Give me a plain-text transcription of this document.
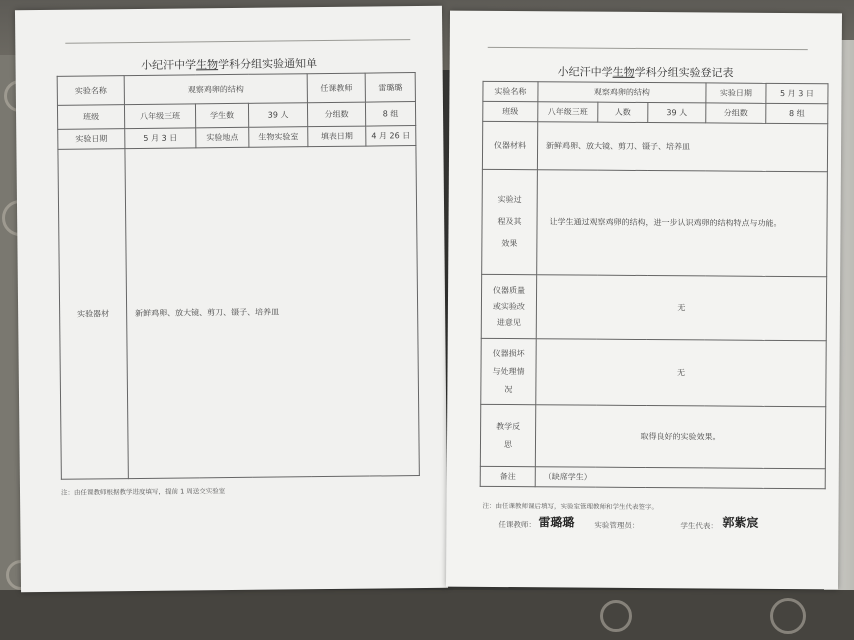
小纪汗中学生物学科分组实验通知单
实验名称	观察鸡卵的结构			任课教师	雷璐璐
班级	八年级三班	学生数	39 人	分组数	8 组
实验日期	5 月 3 日	实验地点	生物实验室	填表日期	4 月 26 日
实验器材	新鲜鸡卵、放大镜、剪刀、镊子、培养皿				
注：由任课教师根据教学进度填写，提前 1 周送交实验室
小纪汗中学生物学科分组实验登记表
实验名称	观察鸡卵的结构			实验日期	5 月 3 日
班级	八年级三班	人数	39 人	分组数	8 组
仪器材料	新鲜鸡卵、放大镜、剪刀、镊子、培养皿				
实验过程及其效果	让学生通过观察鸡卵的结构，进一步认识鸡卵的结构特点与功能。				
仪器质量或实验改进意见	无				
仪器损坏与处理情况	无				
教学反思	取得良好的实验效果。				
备注	（缺席学生）				
注：由任课教师课后填写，实验室管理教师和学生代表签字。
任课教师： 雷璐璐	实验管理员：	学生代表： 郭紫宸
